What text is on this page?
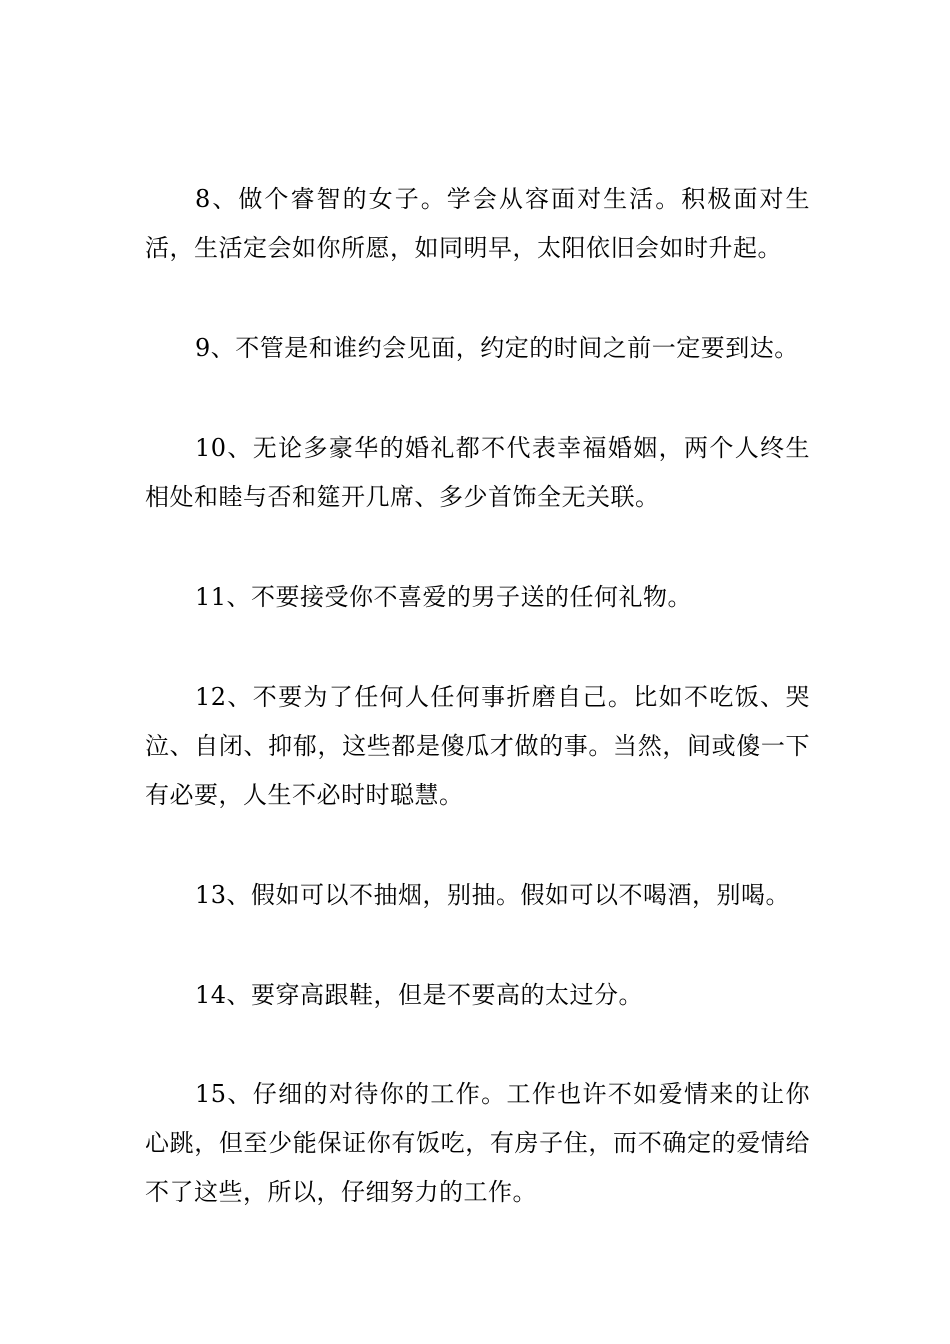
8、做个睿智的女子。学会从容面对生活。积极面对生活，生活定会如你所愿，如同明早，太阳依旧会如时升起。

9、不管是和谁约会见面，约定的时间之前一定要到达。

10、无论多豪华的婚礼都不代表幸福婚姻，两个人终生相处和睦与否和筵开几席、多少首饰全无关联。

11、不要接受你不喜爱的男子送的任何礼物。

12、不要为了任何人任何事折磨自己。比如不吃饭、哭泣、自闭、抑郁，这些都是傻瓜才做的事。当然，间或傻一下有必要，人生不必时时聪慧。

13、假如可以不抽烟，别抽。假如可以不喝酒，别喝。

14、要穿高跟鞋，但是不要高的太过分。

15、仔细的对待你的工作。工作也许不如爱情来的让你心跳，但至少能保证你有饭吃，有房子住，而不确定的爱情给不了这些，所以，仔细努力的工作。
